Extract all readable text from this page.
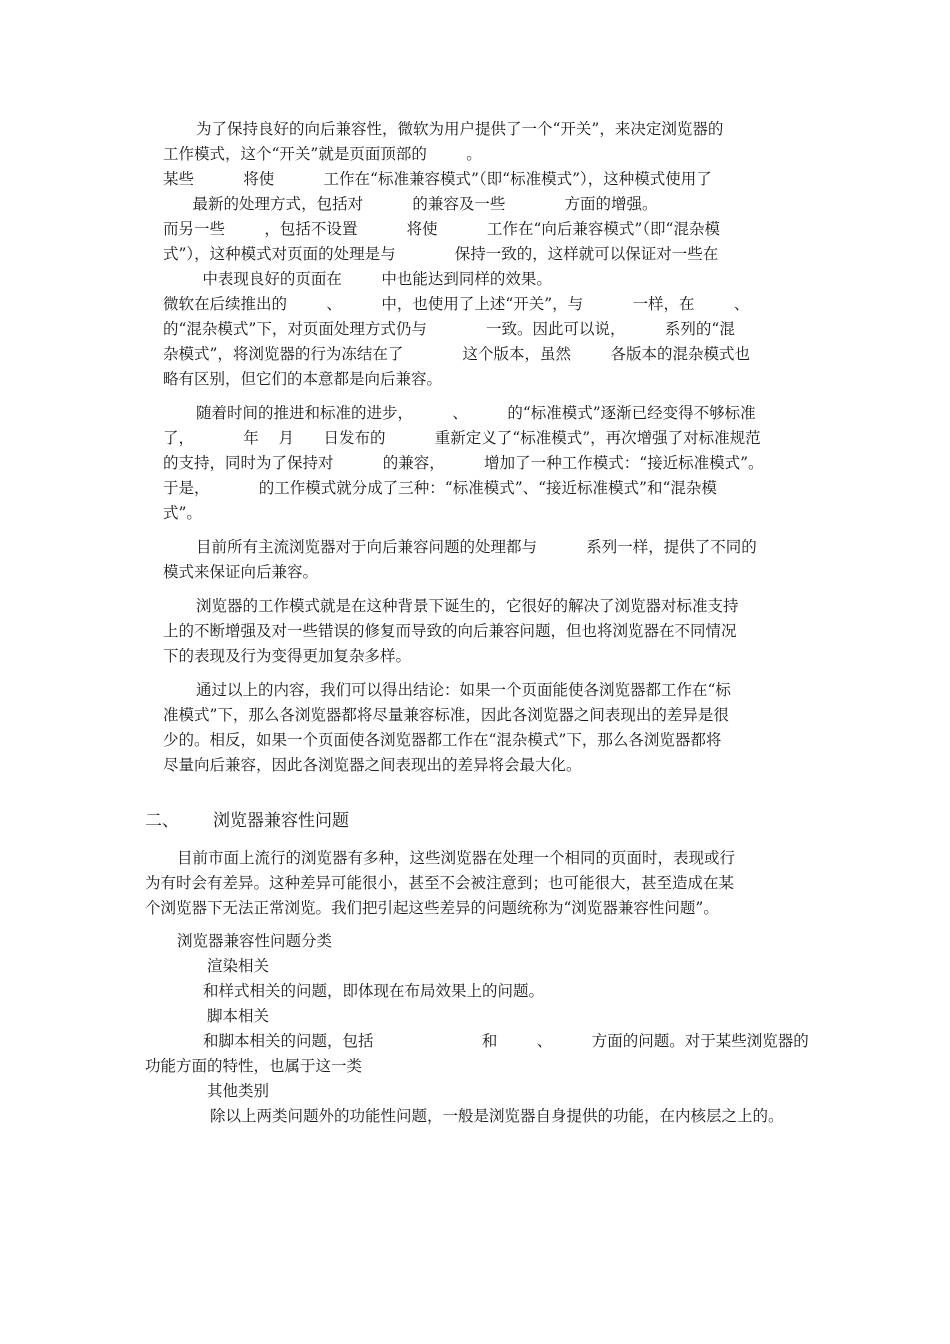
为了保持良好的向后兼容性，微软为用户提供了一个“开关”，来决定浏览器的

工作模式，这个“开关”就是页面顶部的        。

某些          将使          工作在“标准兼容模式”（即“标准模式”），这种模式使用了

最新的处理方式，包括对          的兼容及一些            方面的增强。

而另一些        ，包括不设置          将使          工作在“向后兼容模式”（即“混杂模

式”），这种模式对页面的处理是与            保持一致的，这样就可以保证对一些在

中表现良好的页面在        中也能达到同样的效果。

微软在后续推出的        、        中，也使用了上述“开关”，与          一样，在        、

的“混杂模式”下，对页面处理方式仍与            一致。因此可以说，        系列的“混

杂模式”，将浏览器的行为冻结在了            这个版本，虽然        各版本的混杂模式也

略有区别，但它们的本意都是向后兼容。

随着时间的推进和标准的进步，        、        的“标准模式”逐渐已经变得不够标准

了，          年    月      日发布的          重新定义了“标准模式”，再次增强了对标准规范

的支持，同时为了保持对          的兼容，        增加了一种工作模式：“接近标准模式”。

于是，          的工作模式就分成了三种：“标准模式”、“接近标准模式”和“混杂模

式”。

目前所有主流浏览器对于向后兼容问题的处理都与          系列一样，提供了不同的

模式来保证向后兼容。

浏览器的工作模式就是在这种背景下诞生的，它很好的解决了浏览器对标准支持

上的不断增强及对一些错误的修复而导致的向后兼容问题，但也将浏览器在不同情况

下的表现及行为变得更加复杂多样。

通过以上的内容，我们可以得出结论：如果一个页面能使各浏览器都工作在“标

准模式”下，那么各浏览器都将尽量兼容标准，因此各浏览器之间表现出的差异是很

少的。相反，如果一个页面使各浏览器都工作在“混杂模式”下，那么各浏览器都将

尽量向后兼容，因此各浏览器之间表现出的差异将会最大化。

二、 浏览器兼容性问题

目前市面上流行的浏览器有多种，这些浏览器在处理一个相同的页面时，表现或行

为有时会有差异。这种差异可能很小，甚至不会被注意到；也可能很大，甚至造成在某

个浏览器下无法正常浏览。我们把引起这些差异的问题统称为“浏览器兼容性问题”。

浏览器兼容性问题分类

渲染相关

和样式相关的问题，即体现在布局效果上的问题。

脚本相关

和脚本相关的问题，包括                      和        、        方面的问题。对于某些浏览器的

功能方面的特性，也属于这一类

其他类别

除以上两类问题外的功能性问题，一般是浏览器自身提供的功能，在内核层之上的。
